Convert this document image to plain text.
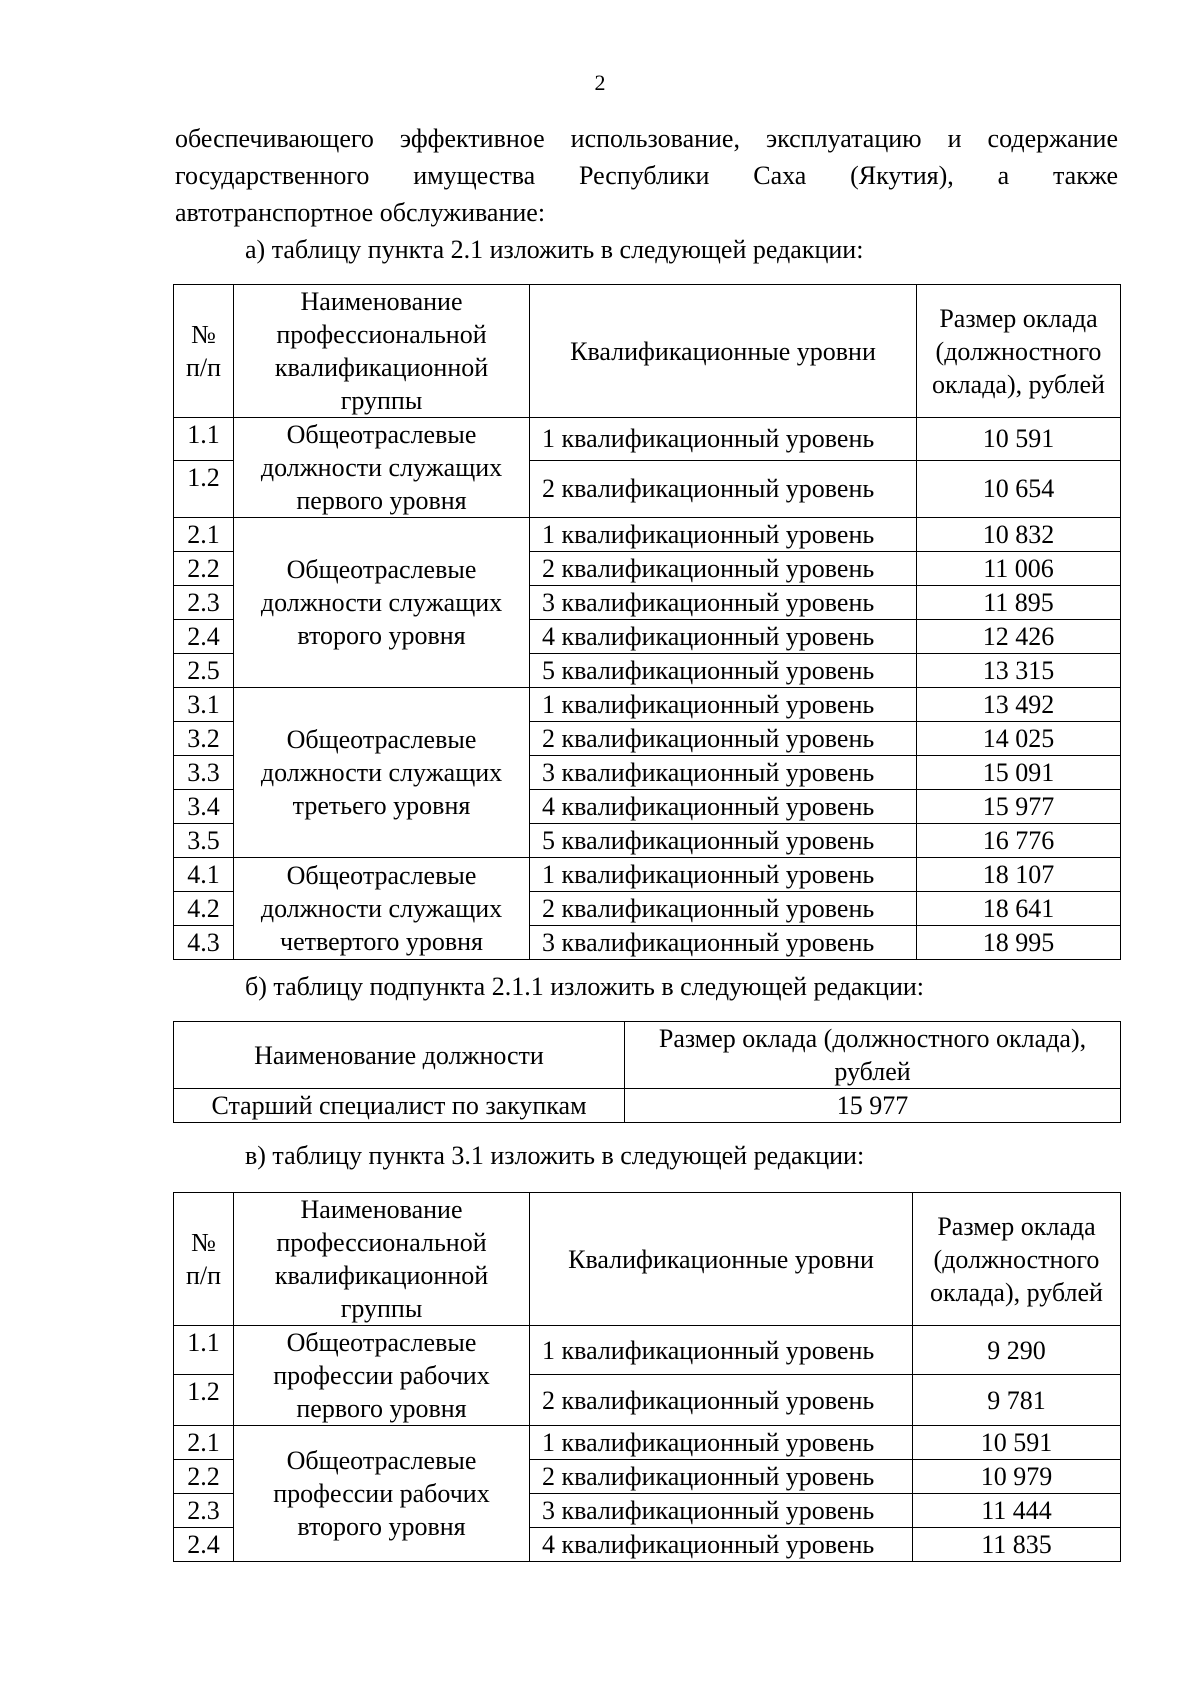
2
обеспечивающего эффективное использование, эксплуатацию и содержание
государственного имущества Республики Саха (Якутия), а также
автотранспортное обслуживание:
а) таблицу пункта 2.1 изложить в следующей редакции:
№ п/п	Наименование профессиональной квалификационной группы	Квалификационные уровни	Размер оклада (должностного оклада), рублей
1.1	Общеотраслевые должности служащих первого уровня	1 квалификационный уровень	10 591
1.2		2 квалификационный уровень	10 654
2.1	Общеотраслевые должности служащих второго уровня	1 квалификационный уровень	10 832
2.2		2 квалификационный уровень	11 006
2.3		3 квалификационный уровень	11 895
2.4		4 квалификационный уровень	12 426
2.5		5 квалификационный уровень	13 315
3.1	Общеотраслевые должности служащих третьего уровня	1 квалификационный уровень	13 492
3.2		2 квалификационный уровень	14 025
3.3		3 квалификационный уровень	15 091
3.4		4 квалификационный уровень	15 977
3.5		5 квалификационный уровень	16 776
4.1	Общеотраслевые должности служащих четвертого уровня	1 квалификационный уровень	18 107
4.2		2 квалификационный уровень	18 641
4.3		3 квалификационный уровень	18 995
б) таблицу подпункта 2.1.1 изложить в следующей редакции:
Наименование должности	Размер оклада (должностного оклада), рублей
Старший специалист по закупкам	15 977
в) таблицу пункта 3.1 изложить в следующей редакции:
№ п/п	Наименование профессиональной квалификационной группы	Квалификационные уровни	Размер оклада (должностного оклада), рублей
1.1	Общеотраслевые профессии рабочих первого уровня	1 квалификационный уровень	9 290
1.2		2 квалификационный уровень	9 781
2.1	Общеотраслевые профессии рабочих второго уровня	1 квалификационный уровень	10 591
2.2		2 квалификационный уровень	10 979
2.3		3 квалификационный уровень	11 444
2.4		4 квалификационный уровень	11 835
